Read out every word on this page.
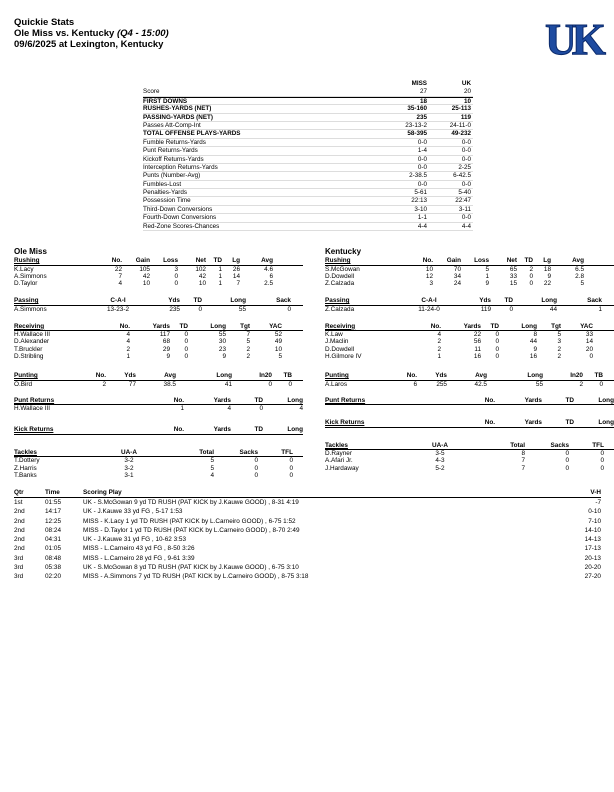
Quickie Stats
Ole Miss vs. Kentucky (Q4 - 15:00)
09/6/2025 at Lexington, Kentucky	UK
MISS	UK
Score	27	20
FIRST DOWNS	18	10
RUSHES-YARDS (NET)	35-160	25-113
PASSING-YARDS (NET)	235	119
Passes Att-Comp-Int	23-13-2	24-11-0
TOTAL OFFENSE PLAYS-YARDS	58-395	49-232
Fumble Returns-Yards	0-0	0-0
Punt Returns-Yards	1-4	0-0
Kickoff Returns-Yards	0-0	0-0
Interception Returns-Yards	0-0	2-25
Punts (Number-Avg)	2-38.5	6-42.5
Fumbles-Lost	0-0	0-0
Penalties-Yards	5-61	5-40
Possession Time	22:13	22:47
Third-Down Conversions	3-10	3-11
Fourth-Down Conversions	1-1	0-0
Red-Zone Scores-Chances	4-4	4-4
Ole Miss
Rushing	No.	Gain	Loss	Net	TD	Lg	Avg
K.Lacy	22	105	3	102	1	26	4.6
A.Simmons	7	42	0	42	1	14	6
D.Taylor	4	10	0	10	1	7	2.5
Passing	C-A-I	Yds	TD	Long	Sack
A.Simmons	13-23-2	235	0	55	0
Receiving	No.	Yards	TD	Long	Tgt	YAC
H.Wallace III	4	117	0	55	7	52
D.Alexander	4	68	0	30	5	49
T.Bruckler	2	29	0	23	2	10
D.Stribling	1	9	0	9	2	5
Punting	No.	Yds	Avg	Long	In20	TB
O.Bird	2	77	38.5	41	0	0
Punt Returns	No.	Yards	TD	Long
H.Wallace III	1	4	0	4
Kick Returns	No.	Yards	TD	Long
Tackles	UA-A	Total	Sacks	TFL
T.Dottery	3-2	5	0	0
Z.Harris	3-2	5	0	0
T.Banks	3-1	4	0	0
Kentucky
Rushing	No.	Gain	Loss	Net	TD	Lg	Avg
S.McGowan	10	70	5	65	2	18	6.5
D.Dowdell	12	34	1	33	0	9	2.8
Z.Calzada	3	24	9	15	0	22	5
Passing	C-A-I	Yds	TD	Long	Sack
Z.Calzada	11-24-0	119	0	44	1
Receiving	No.	Yards	TD	Long	Tgt	YAC
K.Law	4	22	0	8	5	33
J.Maclin	2	56	0	44	3	14
D.Dowdell	2	11	0	9	2	20
H.Gilmore IV	1	16	0	16	2	0
Punting	No.	Yds	Avg	Long	In20	TB
A.Laros	6	255	42.5	55	2	0
Punt Returns	No.	Yards	TD	Long
Kick Returns	No.	Yards	TD	Long
Tackles	UA-A	Total	Sacks	TFL
D.Rayner	3-5	8	0	0
A.Afari Jr.	4-3	7	0	0
J.Hardaway	5-2	7	0	0
Qtr	Time	Scoring Play	V-H
1st	01:55	UK - S.McGowan 9 yd TD RUSH (PAT KICK by J.Kauwe GOOD) , 8-31 4:19	-7
2nd	14:17	UK - J.Kauwe 33 yd FG , 5-17 1:53	0-10
2nd	12:25	MISS - K.Lacy 1 yd TD RUSH (PAT KICK by L.Carneiro GOOD) , 6-75 1:52	7-10
2nd	08:24	MISS - D.Taylor 1 yd TD RUSH (PAT KICK by L.Carneiro GOOD) , 8-70 2:49	14-10
2nd	04:31	UK - J.Kauwe 31 yd FG , 10-62 3:53	14-13
2nd	01:05	MISS - L.Carneiro 43 yd FG , 8-50 3:26	17-13
3rd	08:48	MISS - L.Carneiro 28 yd FG , 9-61 3:39	20-13
3rd	05:38	UK - S.McGowan 8 yd TD RUSH (PAT KICK by J.Kauwe GOOD) , 6-75 3:10	20-20
3rd	02:20	MISS - A.Simmons 7 yd TD RUSH (PAT KICK by L.Carneiro GOOD) , 8-75 3:18	27-20
